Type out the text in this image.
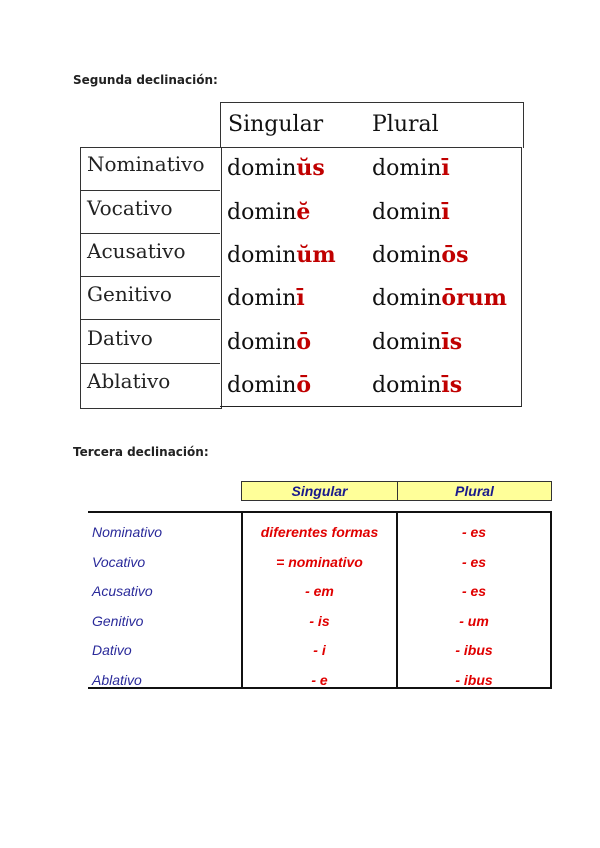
Segunda declinación:
Singular Plural
Nominativo dominŭs dominī
Vocativo dominĕ	dominī
Acusativo dominŭm dominōs
Genitivo	dominī	dominōrum
Dativo	dominō	dominīs
Ablativo	dominō	dominīs
Tercera declinación:
Singular	Plural
Nominativo	diferentes formas	- es
Vocativo	= nominativo	- es
Acusativo	- em	- es
Genitivo	- is	- um
Dativo	- i	- ibus
Ablativo	- e	- ibus
